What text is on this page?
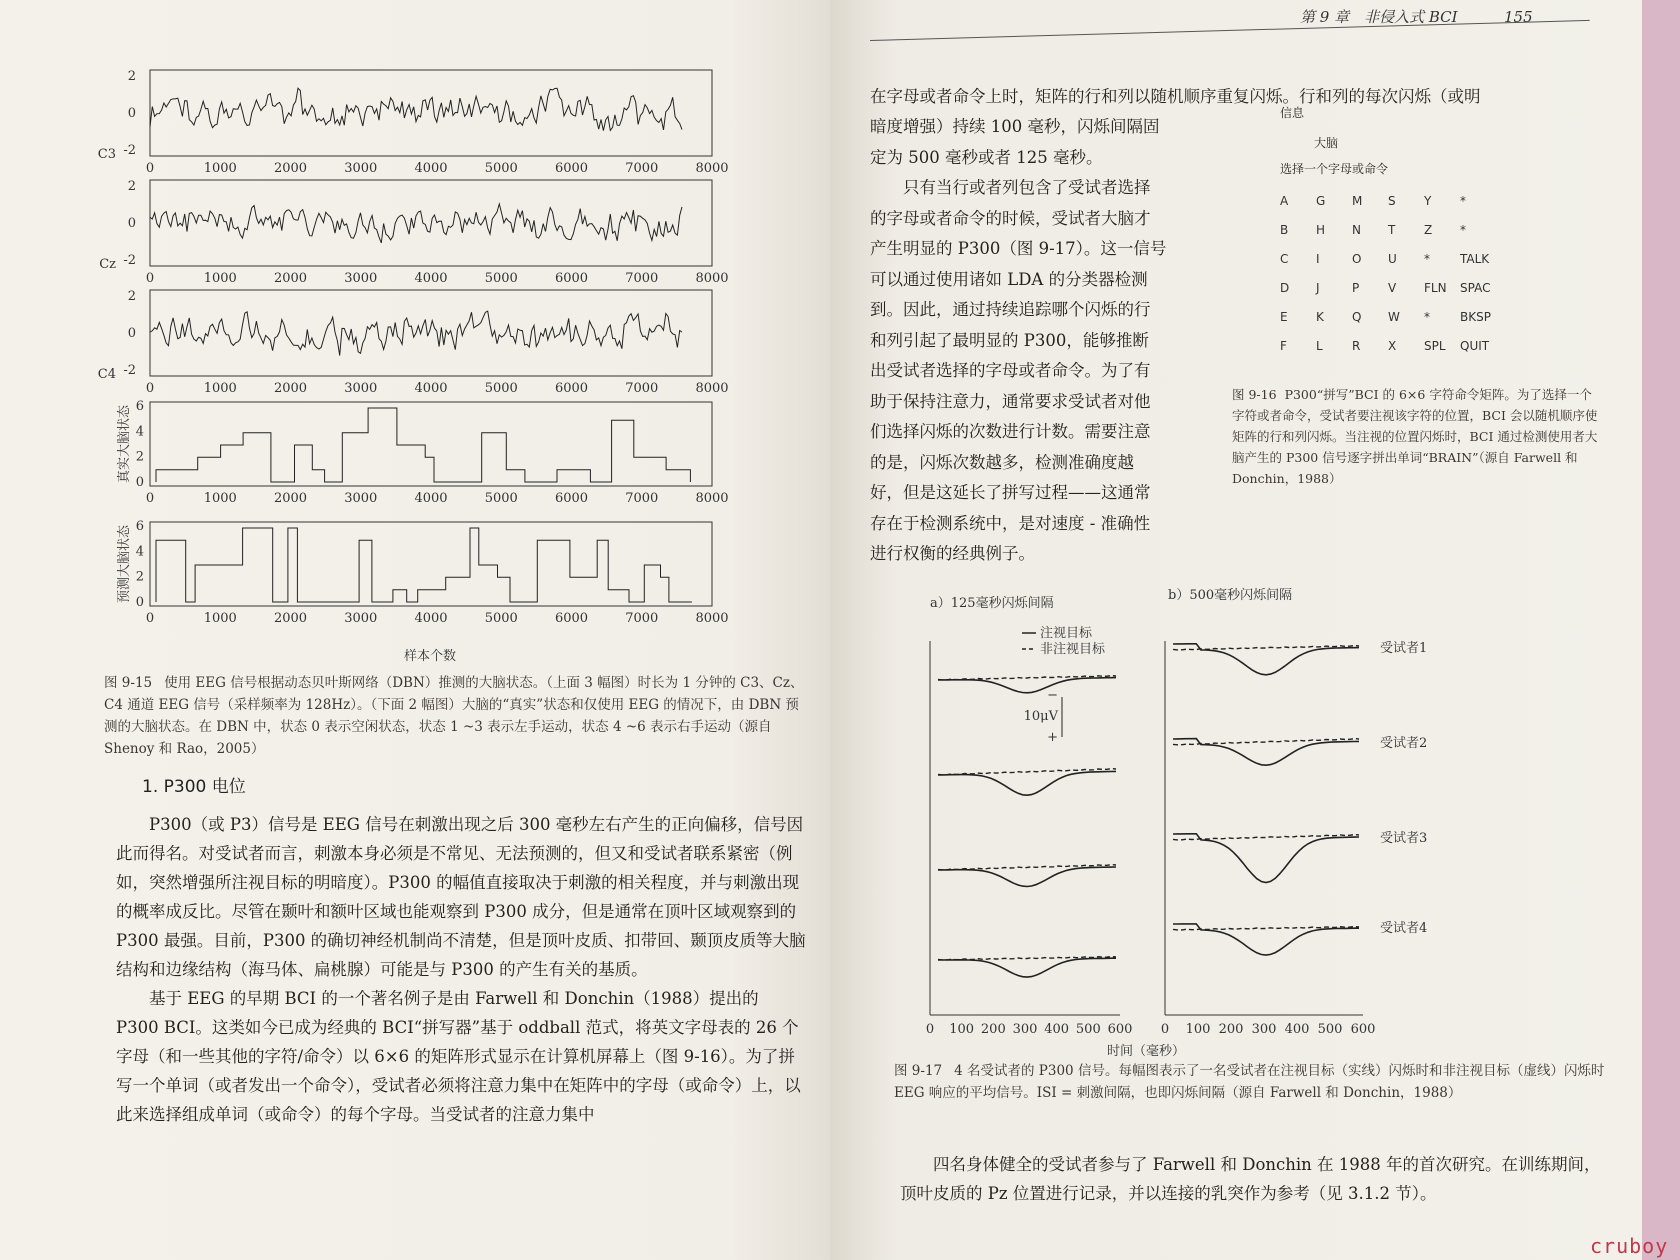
2
0
-2
C3
0	1000	2000	3000	4000	5000	6000	7000	8000
2
0
-2
Cz
0	1000	2000	3000	4000	5000	6000	7000	8000
2
0
-2
C4
0	1000	2000	3000	4000	5000	6000	7000	8000
6
4
2
0
真实大脑状态
0	1000	2000	3000	4000	5000	6000	7000	8000
6
4
2
0
预测大脑状态
0	1000	2000	3000	4000	5000	6000	7000	8000
样本个数
图 9-15 使用 EEG 信号根据动态贝叶斯网络（DBN）推测的大脑状态。（上面 3 幅图）时长为 1 分钟的 C3、Cz、C4 通道 EEG 信号（采样频率为 128Hz）。（下面 2 幅图）大脑的“真实”状态和仅使用 EEG 的情况下，由 DBN 预测的大脑状态。在 DBN 中，状态 0 表示空闲状态，状态 1 ~3 表示左手运动，状态 4 ~6 表示右手运动（源自 Shenoy 和 Rao，2005）
1. P300 电位

P300（或 P3）信号是 EEG 信号在刺激出现之后 300 毫秒左右产生的正向偏移，信号因此而得名。对受试者而言，刺激本身必须是不常见、无法预测的，但又和受试者联系紧密（例如，突然增强所注视目标的明暗度）。P300 的幅值直接取决于刺激的相关程度，并与刺激出现的概率成反比。尽管在颞叶和额叶区域也能观察到 P300 成分，但是通常在顶叶区域观察到的 P300 最强。目前，P300 的确切神经机制尚不清楚，但是顶叶皮质、扣带回、颞顶皮质等大脑结构和边缘结构（海马体、扁桃腺）可能是与 P300 的产生有关的基质。

基于 EEG 的早期 BCI 的一个著名例子是由 Farwell 和 Donchin（1988）提出的 P300 BCI。这类如今已成为经典的 BCI“拼写器”基于 oddball 范式，将英文字母表的 26 个字母（和一些其他的字符/命令）以 6×6 的矩阵形式显示在计算机屏幕上（图 9-16）。为了拼写一个单词（或者发出一个命令），受试者必须将注意力集中在矩阵中的字母（或命令）上，以此来选择组成单词（或命令）的每个字母。当受试者的注意力集中

第 9 章　非侵入式 BCI	155
在字母或者命令上时，矩阵的行和列以随机顺序重复闪烁。行和列的每次闪烁（或明
暗度增强）持续 100 毫秒，闪烁间隔固
定为 500 毫秒或者 125 毫秒。
只有当行或者列包含了受试者选择
的字母或者命令的时候，受试者大脑才
产生明显的 P300（图 9-17）。这一信号
可以通过使用诸如 LDA 的分类器检测
到。因此，通过持续追踪哪个闪烁的行
和列引起了最明显的 P300，能够推断
出受试者选择的字母或者命令。为了有
助于保持注意力，通常要求受试者对他
们选择闪烁的次数进行计数。需要注意
的是，闪烁次数越多，检测准确度越
好，但是这延长了拼写过程——这通常
存在于检测系统中，是对速度 - 准确性
进行权衡的经典例子。
信息
大脑
选择一个字母或命令
A	G	M	S	Y	*
B	H	N	T	Z	*
C	I	O	U	*	TALK
D	J	P	V	FLN	SPAC
E	K	Q	W	*	BKSP
F	L	R	X	SPL	QUIT
图 9-16 P300“拼写”BCI 的 6×6 字符命令矩阵。为了选择一个字符或者命令，受试者要注视该字符的位置，BCI 会以随机顺序使矩阵的行和列闪烁。当注视的位置闪烁时，BCI 通过检测使用者大脑产生的 P300 信号逐字拼出单词“BRAIN”（源自 Farwell 和 Donchin，1988）
a）125毫秒闪烁间隔
b）500毫秒闪烁间隔
注视目标
非注视目标
−
10μV
+
0 100 200 300 400 500 600 0 100 200 300 400 500 600
受试者1
受试者2
受试者3
受试者4
时间（毫秒）
图 9-17 4 名受试者的 P300 信号。每幅图表示了一名受试者在注视目标（实线）闪烁时和非注视目标（虚线）闪烁时 EEG 响应的平均信号。ISI = 刺激间隔，也即闪烁间隔（源自 Farwell 和 Donchin，1988）

四名身体健全的受试者参与了 Farwell 和 Donchin 在 1988 年的首次研究。在训练期间，顶叶皮质的 Pz 位置进行记录，并以连接的乳突作为参考（见 3.1.2 节）。

cruboy
